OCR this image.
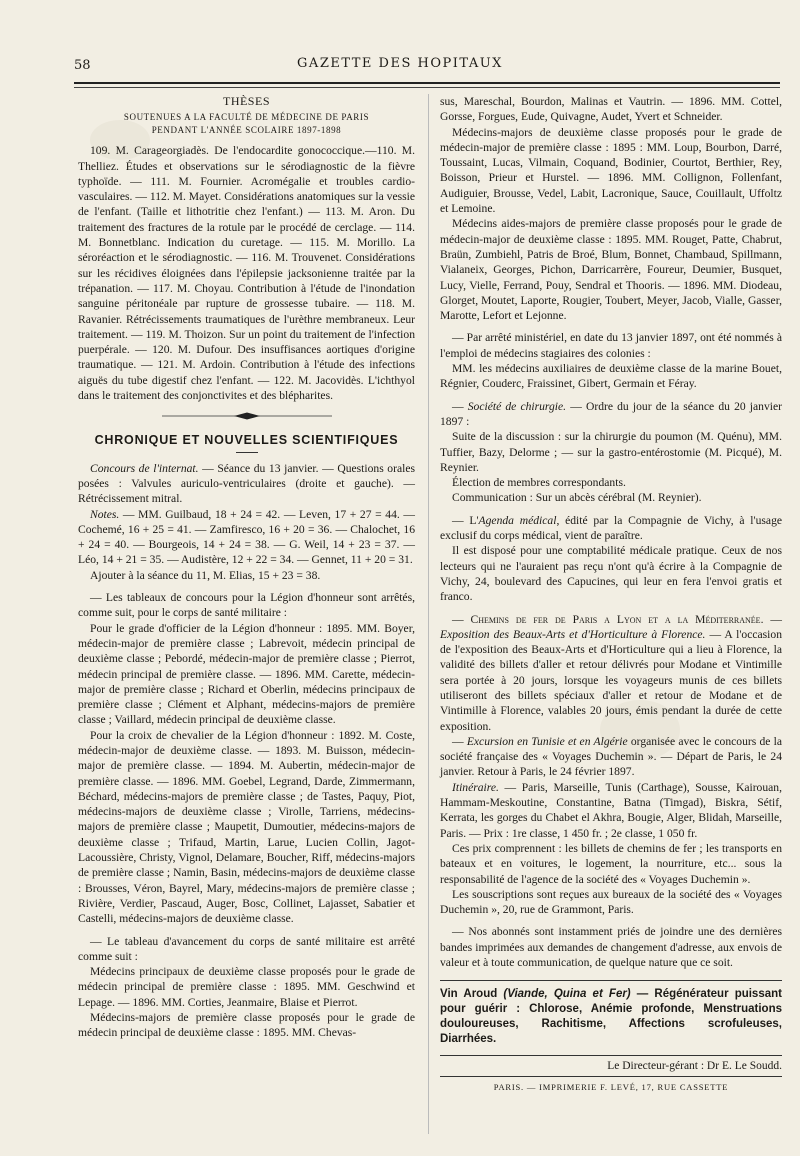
58	GAZETTE DES HOPITAUX

THÈSES

SOUTENUES A LA FACULTÉ DE MÉDECINE DE PARIS
PENDANT L'ANNÉE SCOLAIRE 1897-1898

109. M. Carageorgiadès. De l'endocardite gonococcique.—110. M. Thelliez. Études et observations sur le sérodiagnostic de la fièvre typhoïde. — 111. M. Fournier. Acromégalie et troubles cardio-vasculaires. — 112. M. Mayet. Considérations anatomiques sur la vessie de l'enfant. (Taille et lithotritie chez l'enfant.) — 113. M. Aron. Du traitement des fractures de la rotule par le procédé de cerclage. — 114. M. Bonnetblanc. Indication du curetage. — 115. M. Morillo. La séroréaction et le sérodiagnostic. — 116. M. Trouvenet. Considérations sur les récidives éloignées dans l'épilepsie jacksonienne traitée par la trépanation. — 117. M. Choyau. Contribution à l'étude de l'inondation sanguine péritonéale par rupture de grossesse tubaire. — 118. M. Ravanier. Rétrécissements traumatiques de l'urèthre membraneux. Leur traitement. — 119. M. Thoizon. Sur un point du traitement de l'infection puerpérale. — 120. M. Dufour. Des insuffisances aortiques d'origine traumatique. — 121. M. Ardoin. Contribution à l'étude des infections aiguës du tube digestif chez l'enfant. — 122. M. Jacovidès. L'ichthyol dans le traitement des conjonctivites et des blépharites.

CHRONIQUE ET NOUVELLES SCIENTIFIQUES

Concours de l'internat. — Séance du 13 janvier. — Questions orales posées : Valvules auriculo-ventriculaires (droite et gauche). — Rétrécissement mitral.

Notes. — MM. Guilbaud, 18 + 24 = 42. — Leven, 17 + 27 = 44. — Cochemé, 16 + 25 = 41. — Zamfiresco, 16 + 20 = 36. — Chalochet, 16 + 24 = 40. — Bourgeois, 14 + 24 = 38. — G. Weil, 14 + 23 = 37. — Léo, 14 + 21 = 35. — Audistère, 12 + 22 = 34. — Gennet, 11 + 20 = 31.

Ajouter à la séance du 11, M. Elias, 15 + 23 = 38.

— Les tableaux de concours pour la Légion d'honneur sont arrêtés, comme suit, pour le corps de santé militaire :

Pour le grade d'officier de la Légion d'honneur : 1895. MM. Boyer, médecin-major de première classe ; Labrevoit, médecin principal de deuxième classe ; Pebordé, médecin-major de première classe ; Pierrot, médecin principal de première classe. — 1896. MM. Carette, médecin-major de première classe ; Richard et Oberlin, médecins principaux de première classe ; Clément et Alphant, médecins-majors de première classe ; Vaillard, médecin principal de deuxième classe.

Pour la croix de chevalier de la Légion d'honneur : 1892. M. Coste, médecin-major de deuxième classe. — 1893. M. Buisson, médecin-major de première classe. — 1894. M. Aubertin, médecin-major de première classe. — 1896. MM. Goebel, Legrand, Darde, Zimmermann, Béchard, médecins-majors de première classe ; de Tastes, Paquy, Piot, médecins-majors de deuxième classe ; Virolle, Tarriens, médecins-majors de première classe ; Maupetit, Dumoutier, médecins-majors de deuxième classe ; Trifaud, Martin, Larue, Lucien Collin, Jagot-Lacoussière, Christy, Vignol, Delamare, Boucher, Riff, médecins-majors de première classe ; Namin, Basin, médecins-majors de deuxième classe : Brousses, Véron, Bayrel, Mary, médecins-majors de première classe ; Rivière, Verdier, Pascaud, Auger, Bosc, Collinet, Lajasset, Sabatier et Castelli, médecins-majors de deuxième classe.

— Le tableau d'avancement du corps de santé militaire est arrêté comme suit :

Médecins principaux de deuxième classe proposés pour le grade de médecin principal de première classe : 1895. MM. Geschwind et Lepage. — 1896. MM. Corties, Jeanmaire, Blaise et Pierrot.

Médecins-majors de première classe proposés pour le grade de médecin principal de deuxième classe : 1895. MM. Chevas-

sus, Mareschal, Bourdon, Malinas et Vautrin. — 1896. MM. Cottel, Gorsse, Forgues, Eude, Quivagne, Audet, Yvert et Schneider.

Médecins-majors de deuxième classe proposés pour le grade de médecin-major de première classe : 1895 : MM. Loup, Bourbon, Darré, Toussaint, Lucas, Vilmain, Coquand, Bodinier, Courtot, Berthier, Rey, Boisson, Prieur et Hurstel. — 1896. MM. Collignon, Follenfant, Audiguier, Brousse, Vedel, Labit, Lacronique, Sauce, Couillault, Uffoltz et Lemoine.

Médecins aides-majors de première classe proposés pour le grade de médecin-major de deuxième classe : 1895. MM. Rouget, Patte, Chabrut, Braün, Zumbiehl, Patris de Broé, Blum, Bonnet, Chambaud, Spillmann, Vialaneix, Georges, Pichon, Darricarrère, Foureur, Deumier, Busquet, Lucy, Vielle, Ferrand, Pouy, Sendral et Thooris. — 1896. MM. Diodeau, Glorget, Moutet, Laporte, Rougier, Toubert, Meyer, Jacob, Vialle, Gasser, Marotte, Lefort et Lejonne.

— Par arrêté ministériel, en date du 13 janvier 1897, ont été nommés à l'emploi de médecins stagiaires des colonies :

MM. les médecins auxiliaires de deuxième classe de la marine Bouet, Régnier, Couderc, Fraissinet, Gibert, Germain et Féray.

— Société de chirurgie. — Ordre du jour de la séance du 20 janvier 1897 :

Suite de la discussion : sur la chirurgie du poumon (M. Quénu), MM. Tuffier, Bazy, Delorme ; — sur la gastro-entérostomie (M. Picqué), M. Reynier.

Élection de membres correspondants.

Communication : Sur un abcès cérébral (M. Reynier).

— L'Agenda médical, édité par la Compagnie de Vichy, à l'usage exclusif du corps médical, vient de paraître.

Il est disposé pour une comptabilité médicale pratique. Ceux de nos lecteurs qui ne l'auraient pas reçu n'ont qu'à écrire à la Compagnie de Vichy, 24, boulevard des Capucines, qui leur en fera l'envoi gratis et franco.

— Chemins de fer de Paris a Lyon et a la Méditerranée. — Exposition des Beaux-Arts et d'Horticulture à Florence. — A l'occasion de l'exposition des Beaux-Arts et d'Horticulture qui a lieu à Florence, la validité des billets d'aller et retour délivrés pour Modane et Vintimille sera portée à 20 jours, lorsque les voyageurs munis de ces billets utiliseront des billets spéciaux d'aller et retour de Modane et de Vintimille à Florence, valables 20 jours, émis pendant la durée de cette exposition.

— Excursion en Tunisie et en Algérie organisée avec le concours de la société française des « Voyages Duchemin ». — Départ de Paris, le 24 janvier. Retour à Paris, le 24 février 1897.

Itinéraire. — Paris, Marseille, Tunis (Carthage), Sousse, Kairouan, Hammam-Meskoutine, Constantine, Batna (Timgad), Biskra, Sétif, Kerrata, les gorges du Chabet el Akhra, Bougie, Alger, Blidah, Marseille, Paris. — Prix : 1re classe, 1 450 fr. ; 2e classe, 1 050 fr.

Ces prix comprennent : les billets de chemins de fer ; les transports en bateaux et en voitures, le logement, la nourriture, etc... sous la responsabilité de l'agence de la société des « Voyages Duchemin ».

Les souscriptions sont reçues aux bureaux de la société des « Voyages Duchemin », 20, rue de Grammont, Paris.

— Nos abonnés sont instamment priés de joindre une des dernières bandes imprimées aux demandes de changement d'adresse, aux envois de valeur et à toute communication, de quelque nature que ce soit.

Vin Aroud (Viande, Quina et Fer) — Régénérateur puissant pour guérir : Chlorose, Anémie profonde, Menstruations douloureuses, Rachitisme, Affections scrofuleuses, Diarrhées.

Le Directeur-gérant : Dr E. Le Soudd.

PARIS. — IMPRIMERIE F. LEVÉ, 17, RUE CASSETTE
